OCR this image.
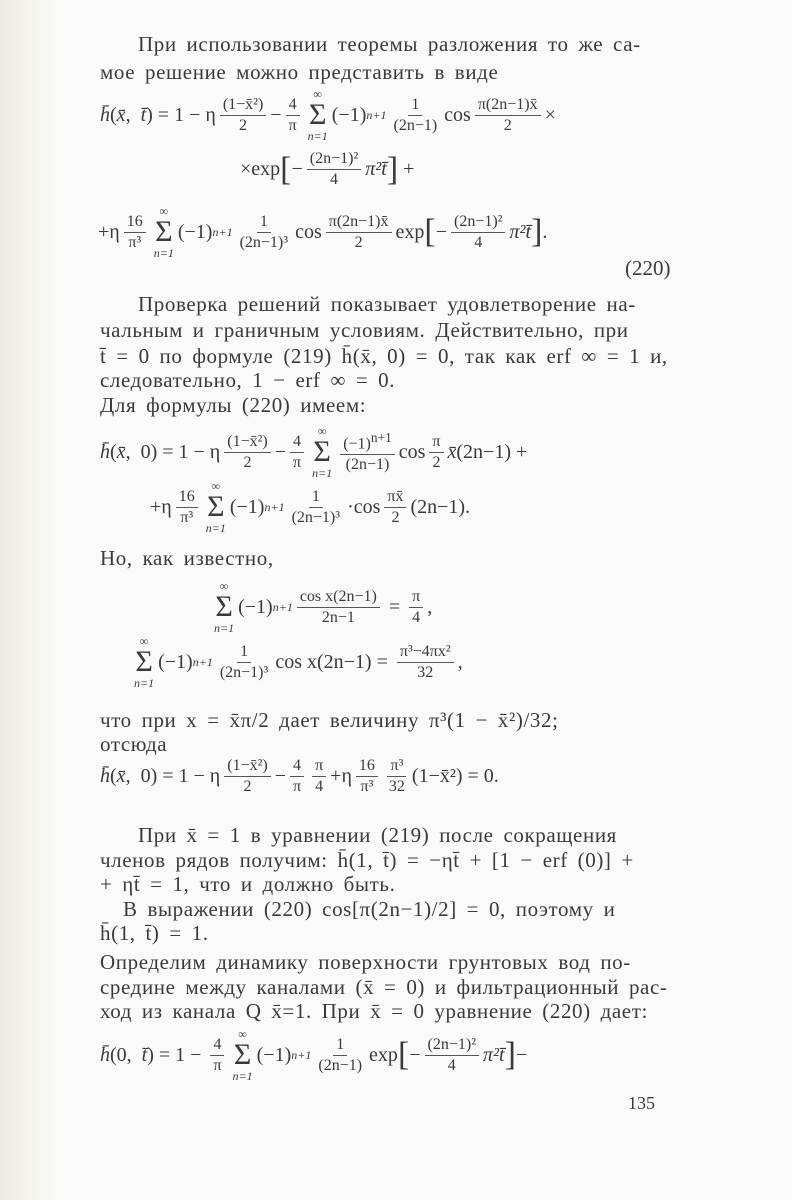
При использовании теоремы разложения то же са-
мое решение можно представить в виде
h̄ ( x̄ , t̄ ) = 1 − η $\frac{\text{(1−x̄²)}}{2} - \frac{4}{\pi}$
∞
Σ
n=1
(−1) $n+1 \frac{1}{(2n-1)}$ $\cos \frac{\pi(2n-1)x̄}{2}$ ×
× exp [ − $\frac{\text{(2n−1)²}}{4}$ π²t̄ ] +
+ η $\frac{16}{\text{π³}}$
∞
Σ
n=1
(−1) $n+1 \frac{1}{\text{(2n−1)³}}$ $\cos \frac{\pi(2n-1)x̄}{2}$ exp [ − $\frac{\text{(2n−1)²}}{4}$ π²t̄ ] .
(220)
Проверка решений показывает удовлетворение на-
чальным и граничным условиям. Действительно, при
t̄ = 0 по формуле (219) h̄(x̄, 0) = 0, так как erf ∞ = 1 и,
следовательно, 1 − erf ∞ = 0.
Для формулы (220) имеем:
h̄ ( x̄ ,  0) = 1 − η $\frac{\text{(1−x̄²)}}{2} - \frac{4}{\pi}$
∞
Σ
$n=1 \frac{(-1)^{n+1}}{(2n-1)}$ $\cos \frac{\pi}{2}$ x̄ (2n−1) +
+ η $\frac{16}{\text{π³}}$
∞
Σ
n=1
(−1) $n+1 \frac{1}{\text{(2n−1)³}} \cdot \cos \frac{\pi x̄}{2} (2n-1)$ .
Но, как известно,
∞
Σ
n=1
(−1) $n+1 \frac{\text{cos x(2n−1)}}{2n-1} = \frac{\pi}{4}$ ,
∞
Σ
n=1
(−1) $n+1 \frac{1}{\text{(2n−1)³}}$ $\cos x(2n-1) = \frac{\text{π³−4πx²}}{32}$ ,
что при x = x̄π/2 дает величину π³(1 − x̄²)/32;
отсюда
h̄ ( x̄ ,  0) = 1 − η $\frac{\text{(1−x̄²)}}{2} - \frac{4}{\pi} \frac{\pi}{4} + \eta \frac{16}{\text{π³}} \frac{\text{π³}}{32}$ (1−x̄²) = 0.
При x̄ = 1 в уравнении (219) после сокращения
членов рядов получим: h̄(1, t̄) = −ηt̄ + [1 − erf (0)] +
+ ηt̄ = 1, что и должно быть.
В выражении (220) cos[π(2n−1)/2] = 0, поэтому и
h̄(1, t̄) = 1.
Определим динамику поверхности грунтовых вод по-
средине между каналами (x̄ = 0) и фильтрационный рас-
ход из канала Q x̄=1. При x̄ = 0 уравнение (220) дает:
h̄ (0, t̄ ) = $1 - \frac{4}{\pi}$
∞
Σ
n=1
(−1) $n+1 \frac{1}{(2n-1)}$ exp [ − $\frac{\text{(2n−1)²}}{4}$ π²t̄ ] −
135
